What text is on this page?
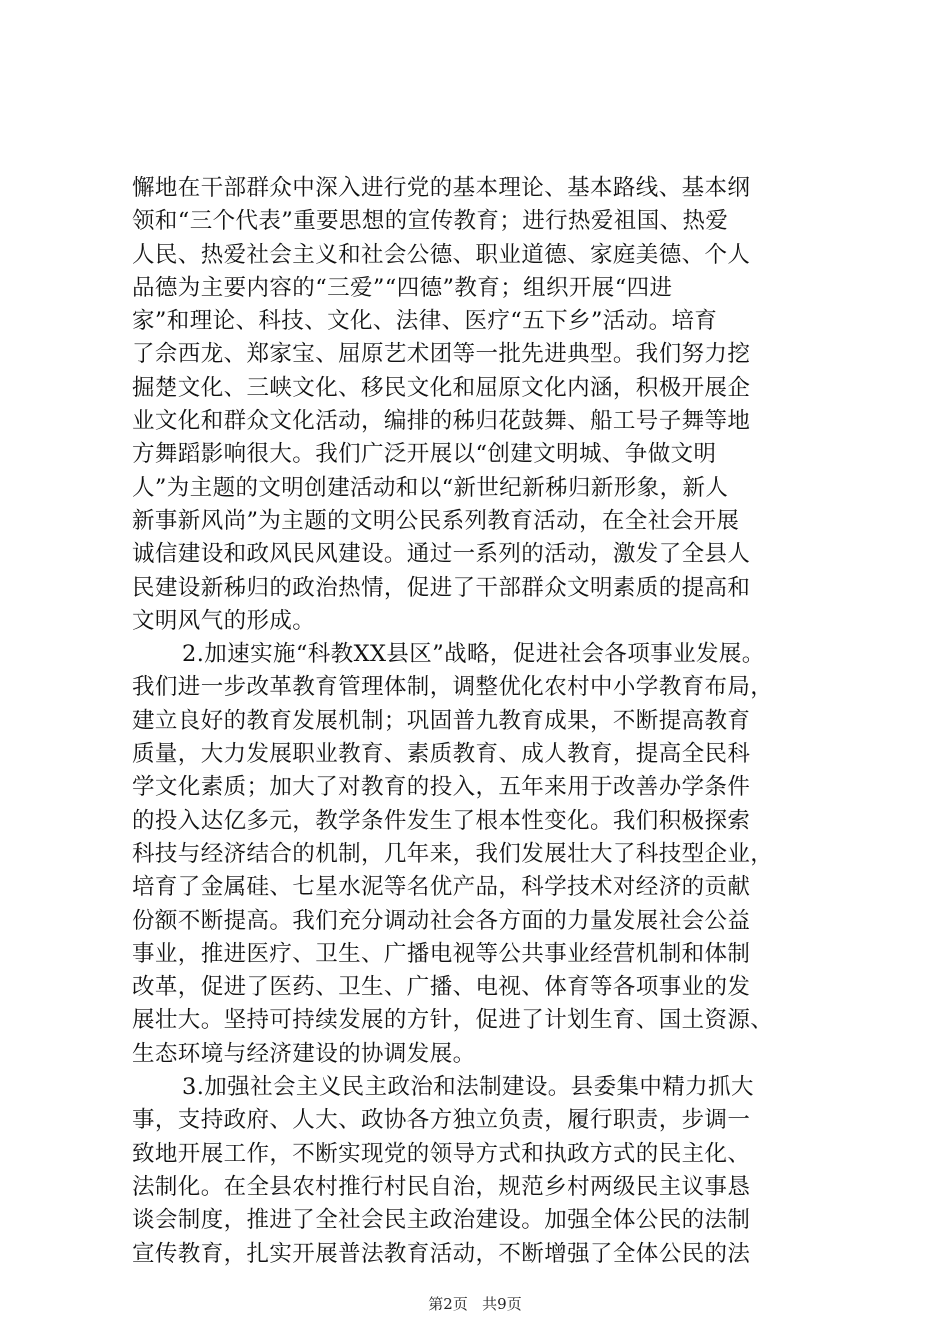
懈地在干部群众中深入进行党的基本理论、基本路线、基本纲
领和“三个代表”重要思想的宣传教育；进行热爱祖国、热爱
人民、热爱社会主义和社会公德、职业道德、家庭美德、个人
品德为主要内容的“三爱”“四德”教育；组织开展“四进
家”和理论、科技、文化、法律、医疗“五下乡”活动。培育
了佘西龙、郑家宝、屈原艺术团等一批先进典型。我们努力挖
掘楚文化、三峡文化、移民文化和屈原文化内涵，积极开展企
业文化和群众文化活动，编排的秭归花鼓舞、船工号子舞等地
方舞蹈影响很大。我们广泛开展以“创建文明城、争做文明
人”为主题的文明创建活动和以“新世纪新秭归新形象，新人
新事新风尚”为主题的文明公民系列教育活动，在全社会开展
诚信建设和政风民风建设。通过一系列的活动，激发了全县人
民建设新秭归的政治热情，促进了干部群众文明素质的提高和
文明风气的形成。
2.加速实施“科教XX县区”战略，促进社会各项事业发展。
我们进一步改革教育管理体制，调整优化农村中小学教育布局，
建立良好的教育发展机制；巩固普九教育成果，不断提高教育
质量，大力发展职业教育、素质教育、成人教育，提高全民科
学文化素质；加大了对教育的投入，五年来用于改善办学条件
的投入达亿多元，教学条件发生了根本性变化。我们积极探索
科技与经济结合的机制，几年来，我们发展壮大了科技型企业，
培育了金属硅、七星水泥等名优产品，科学技术对经济的贡献
份额不断提高。我们充分调动社会各方面的力量发展社会公益
事业，推进医疗、卫生、广播电视等公共事业经营机制和体制
改革，促进了医药、卫生、广播、电视、体育等各项事业的发
展壮大。坚持可持续发展的方针，促进了计划生育、国土资源、
生态环境与经济建设的协调发展。
3.加强社会主义民主政治和法制建设。县委集中精力抓大
事，支持政府、人大、政协各方独立负责，履行职责，步调一
致地开展工作，不断实现党的领导方式和执政方式的民主化、
法制化。在全县农村推行村民自治，规范乡村两级民主议事恳
谈会制度，推进了全社会民主政治建设。加强全体公民的法制
宣传教育，扎实开展普法教育活动，不断增强了全体公民的法
第2页 共9页
